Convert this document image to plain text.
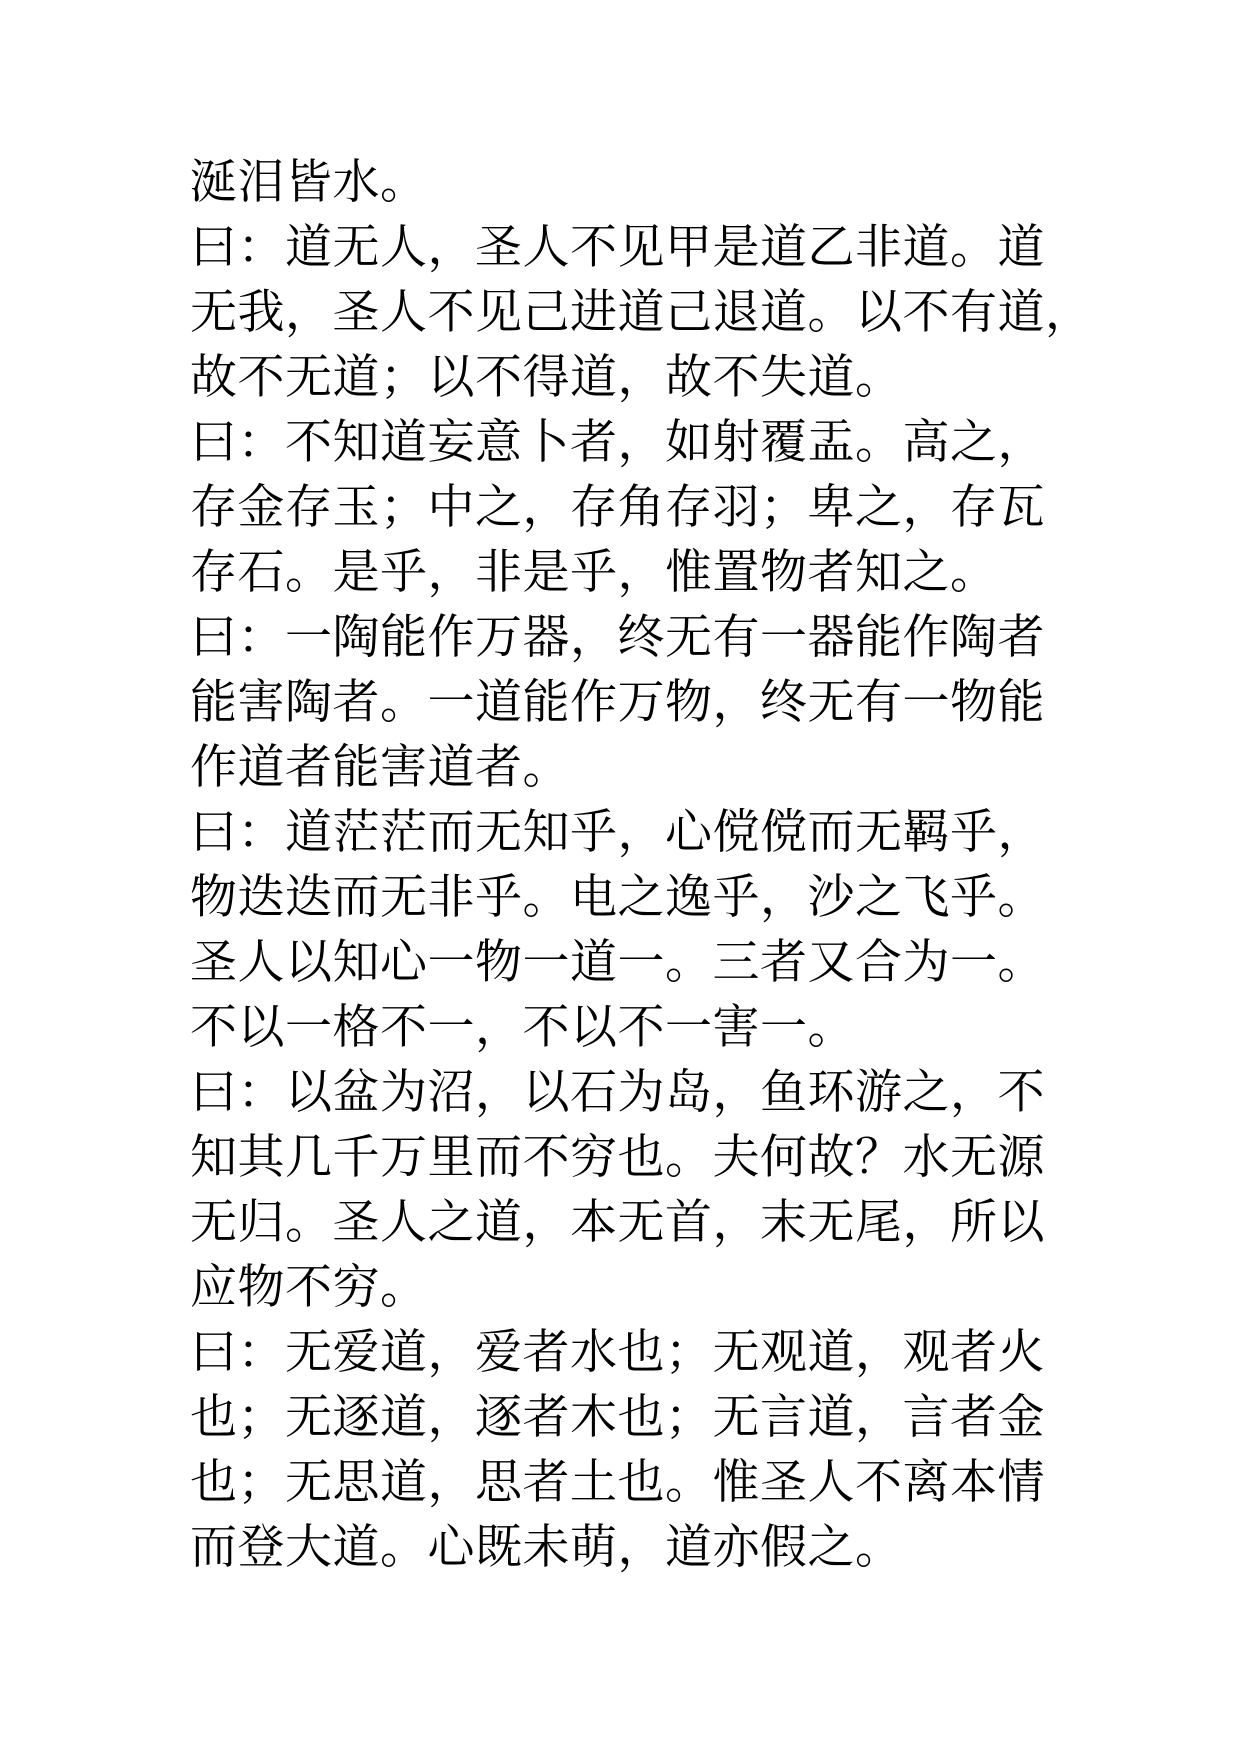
涎泪皆水。
曰：道无人，圣人不见甲是道乙非道。道
无我，圣人不见己进道己退道。以不有道，
故不无道；以不得道，故不失道。
曰：不知道妄意卜者，如射覆盂。高之，
存金存玉；中之，存角存羽；卑之，存瓦
存石。是乎，非是乎，惟置物者知之。
曰：一陶能作万器，终无有一器能作陶者
能害陶者。一道能作万物，终无有一物能
作道者能害道者。
曰：道茫茫而无知乎，心傥傥而无羁乎，
物迭迭而无非乎。电之逸乎，沙之飞乎。
圣人以知心一物一道一。三者又合为一。
不以一格不一，不以不一害一。
曰：以盆为沼，以石为岛，鱼环游之，不
知其几千万里而不穷也。夫何故？水无源
无归。圣人之道，本无首，末无尾，所以
应物不穷。
曰：无爱道，爱者水也；无观道，观者火
也；无逐道，逐者木也；无言道，言者金
也；无思道，思者土也。惟圣人不离本情
而登大道。心既未萌，道亦假之。
